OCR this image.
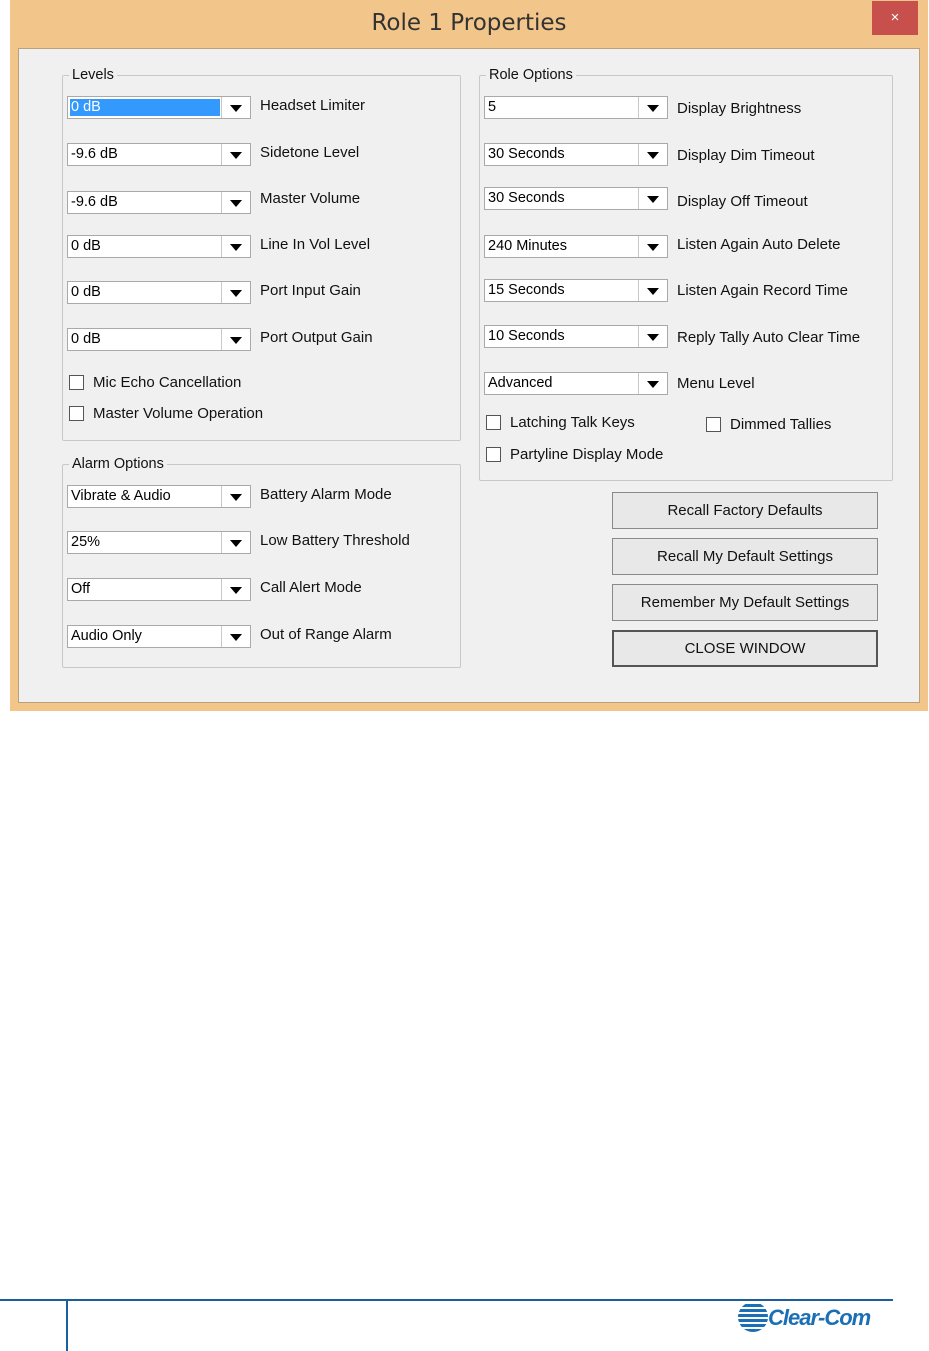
Role 1 Properties	×
Levels
0 dB	Headset Limiter
-9.6 dB	Sidetone Level
-9.6 dB	Master Volume
0 dB	Line In Vol Level
0 dB	Port Input Gain
0 dB	Port Output Gain
Mic Echo Cancellation
Master Volume Operation
Alarm Options
Vibrate & Audio	Battery Alarm Mode
25%	Low Battery Threshold
Off	Call Alert Mode
Audio Only	Out of Range Alarm
Role Options
5	Display Brightness
30 Seconds	Display Dim Timeout
30 Seconds	Display Off Timeout
240 Minutes	Listen Again Auto Delete
15 Seconds	Listen Again Record Time
10 Seconds	Reply Tally Auto Clear Time
Advanced	Menu Level
Latching Talk Keys	Dimmed Tallies
Partyline Display Mode
Recall Factory Defaults
Recall My Default Settings
Remember My Default Settings
CLOSE WINDOW
Clear-Com
